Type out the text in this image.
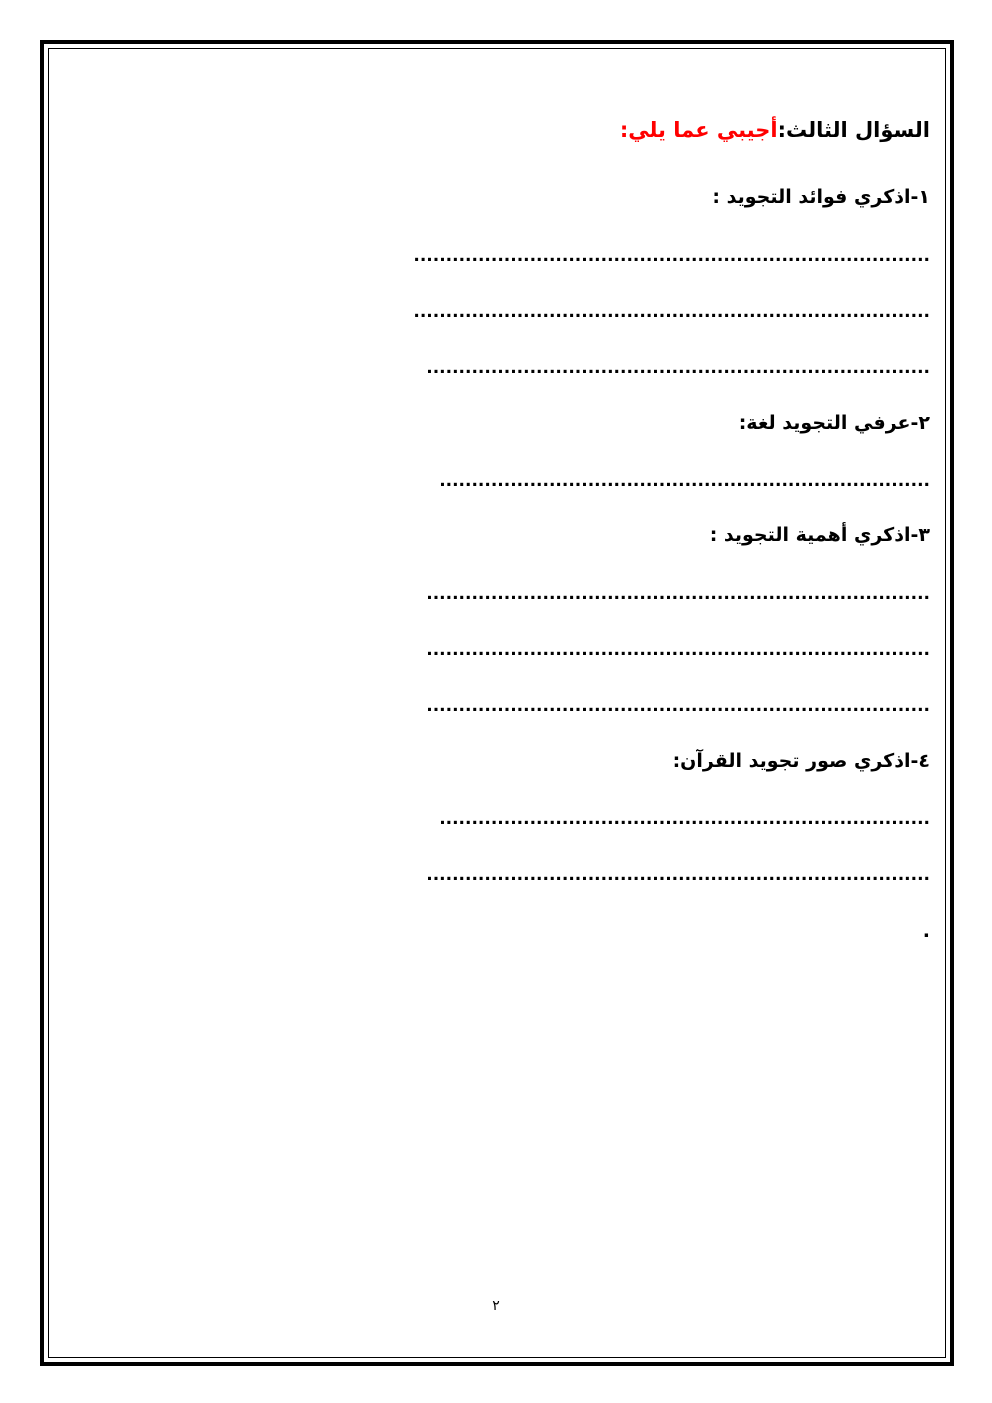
السؤال الثالث:أجيبي عما يلي:
١-اذكري فوائد التجويد :
................................................................................
................................................................................
..............................................................................
٢-عرفي التجويد لغة:
............................................................................
٣-اذكري أهمية التجويد :
..............................................................................
..............................................................................
..............................................................................
٤-اذكري صور تجويد القرآن:
............................................................................
..............................................................................
.
٢
